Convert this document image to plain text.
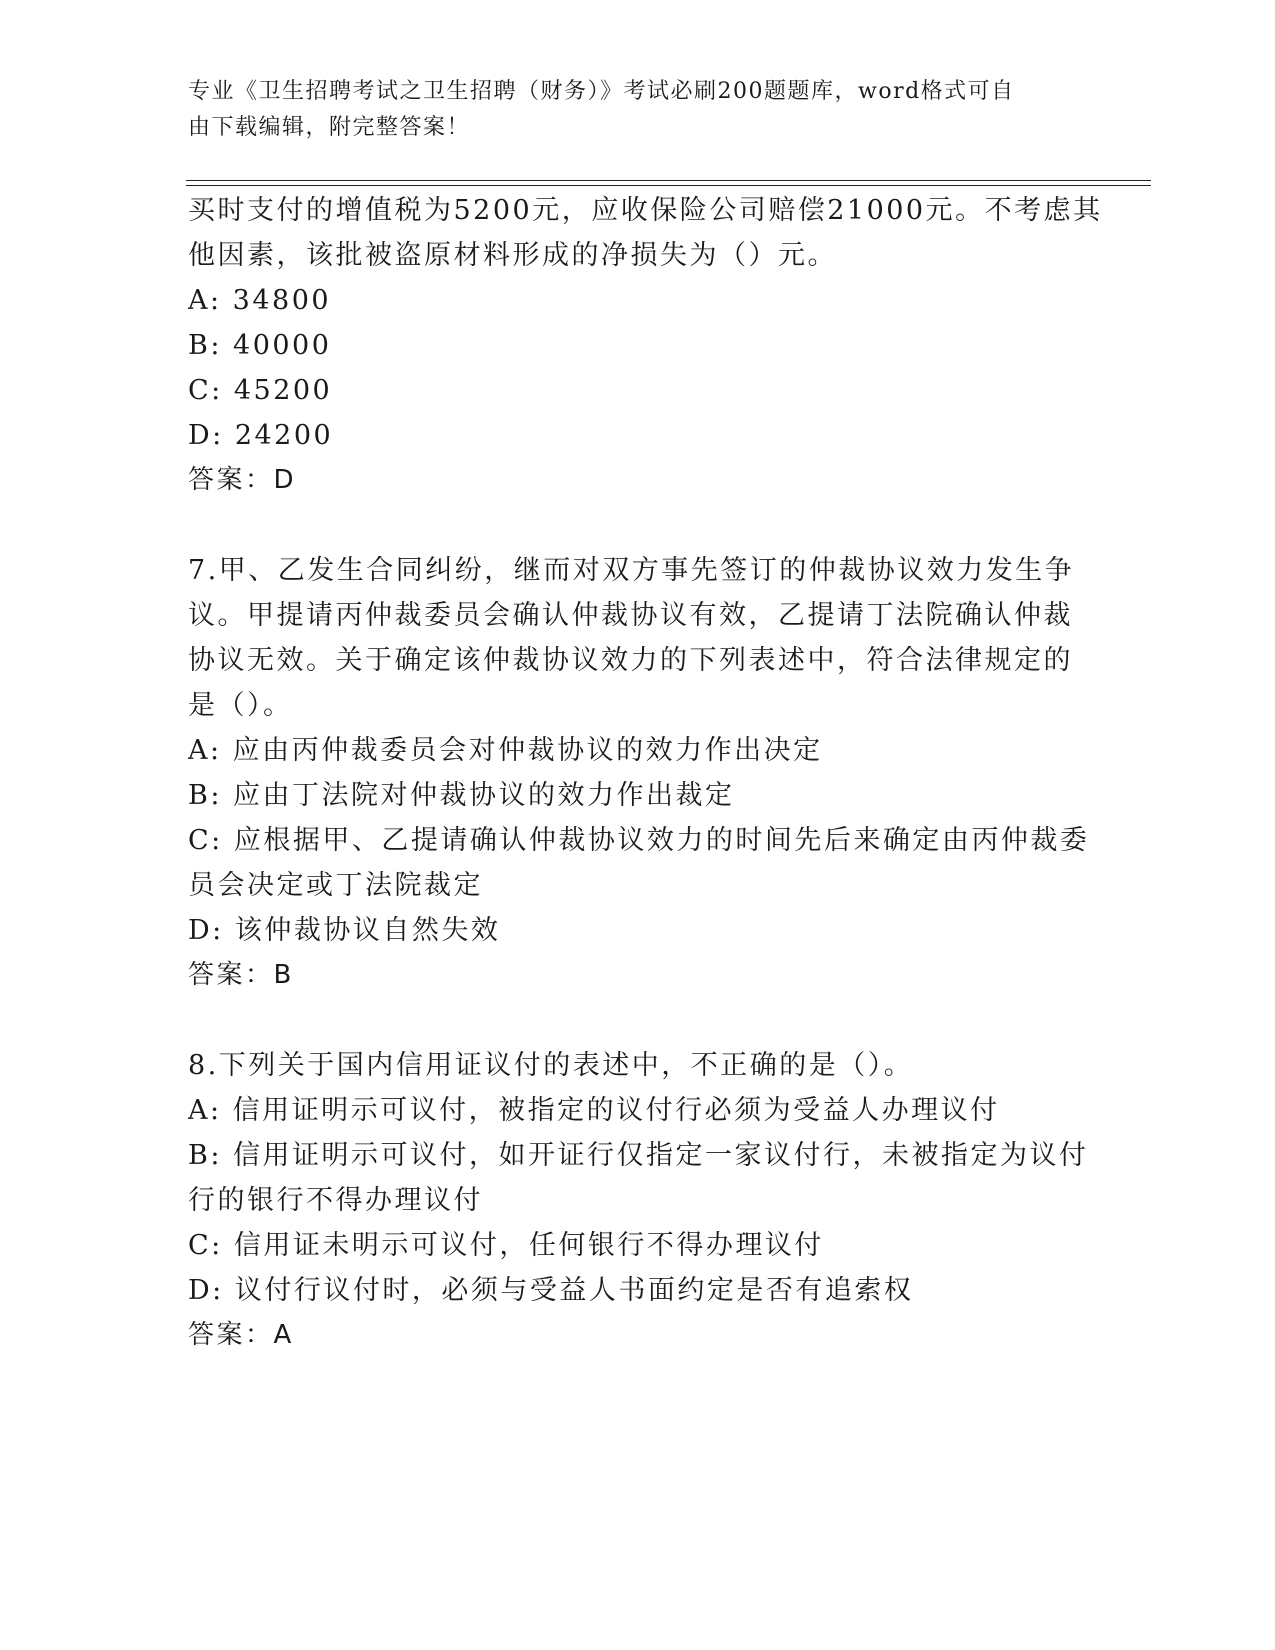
专业《卫生招聘考试之卫生招聘（财务）》考试必刷200题题库，word格式可自
由下载编辑，附完整答案！
买时支付的增值税为5200元，应收保险公司赔偿21000元。不考虑其
他因素，该批被盗原材料形成的净损失为（）元。
A: 34800
B: 40000
C: 45200
D: 24200
答案：D
7.甲、乙发生合同纠纷，继而对双方事先签订的仲裁协议效力发生争
议。甲提请丙仲裁委员会确认仲裁协议有效，乙提请丁法院确认仲裁
协议无效。关于确定该仲裁协议效力的下列表述中，符合法律规定的
是（）。
A: 应由丙仲裁委员会对仲裁协议的效力作出决定
B: 应由丁法院对仲裁协议的效力作出裁定
C: 应根据甲、乙提请确认仲裁协议效力的时间先后来确定由丙仲裁委
员会决定或丁法院裁定
D: 该仲裁协议自然失效
答案：B
8.下列关于国内信用证议付的表述中，不正确的是（）。
A: 信用证明示可议付，被指定的议付行必须为受益人办理议付
B: 信用证明示可议付，如开证行仅指定一家议付行，未被指定为议付
行的银行不得办理议付
C: 信用证未明示可议付，任何银行不得办理议付
D: 议付行议付时，必须与受益人书面约定是否有追索权
答案：A
